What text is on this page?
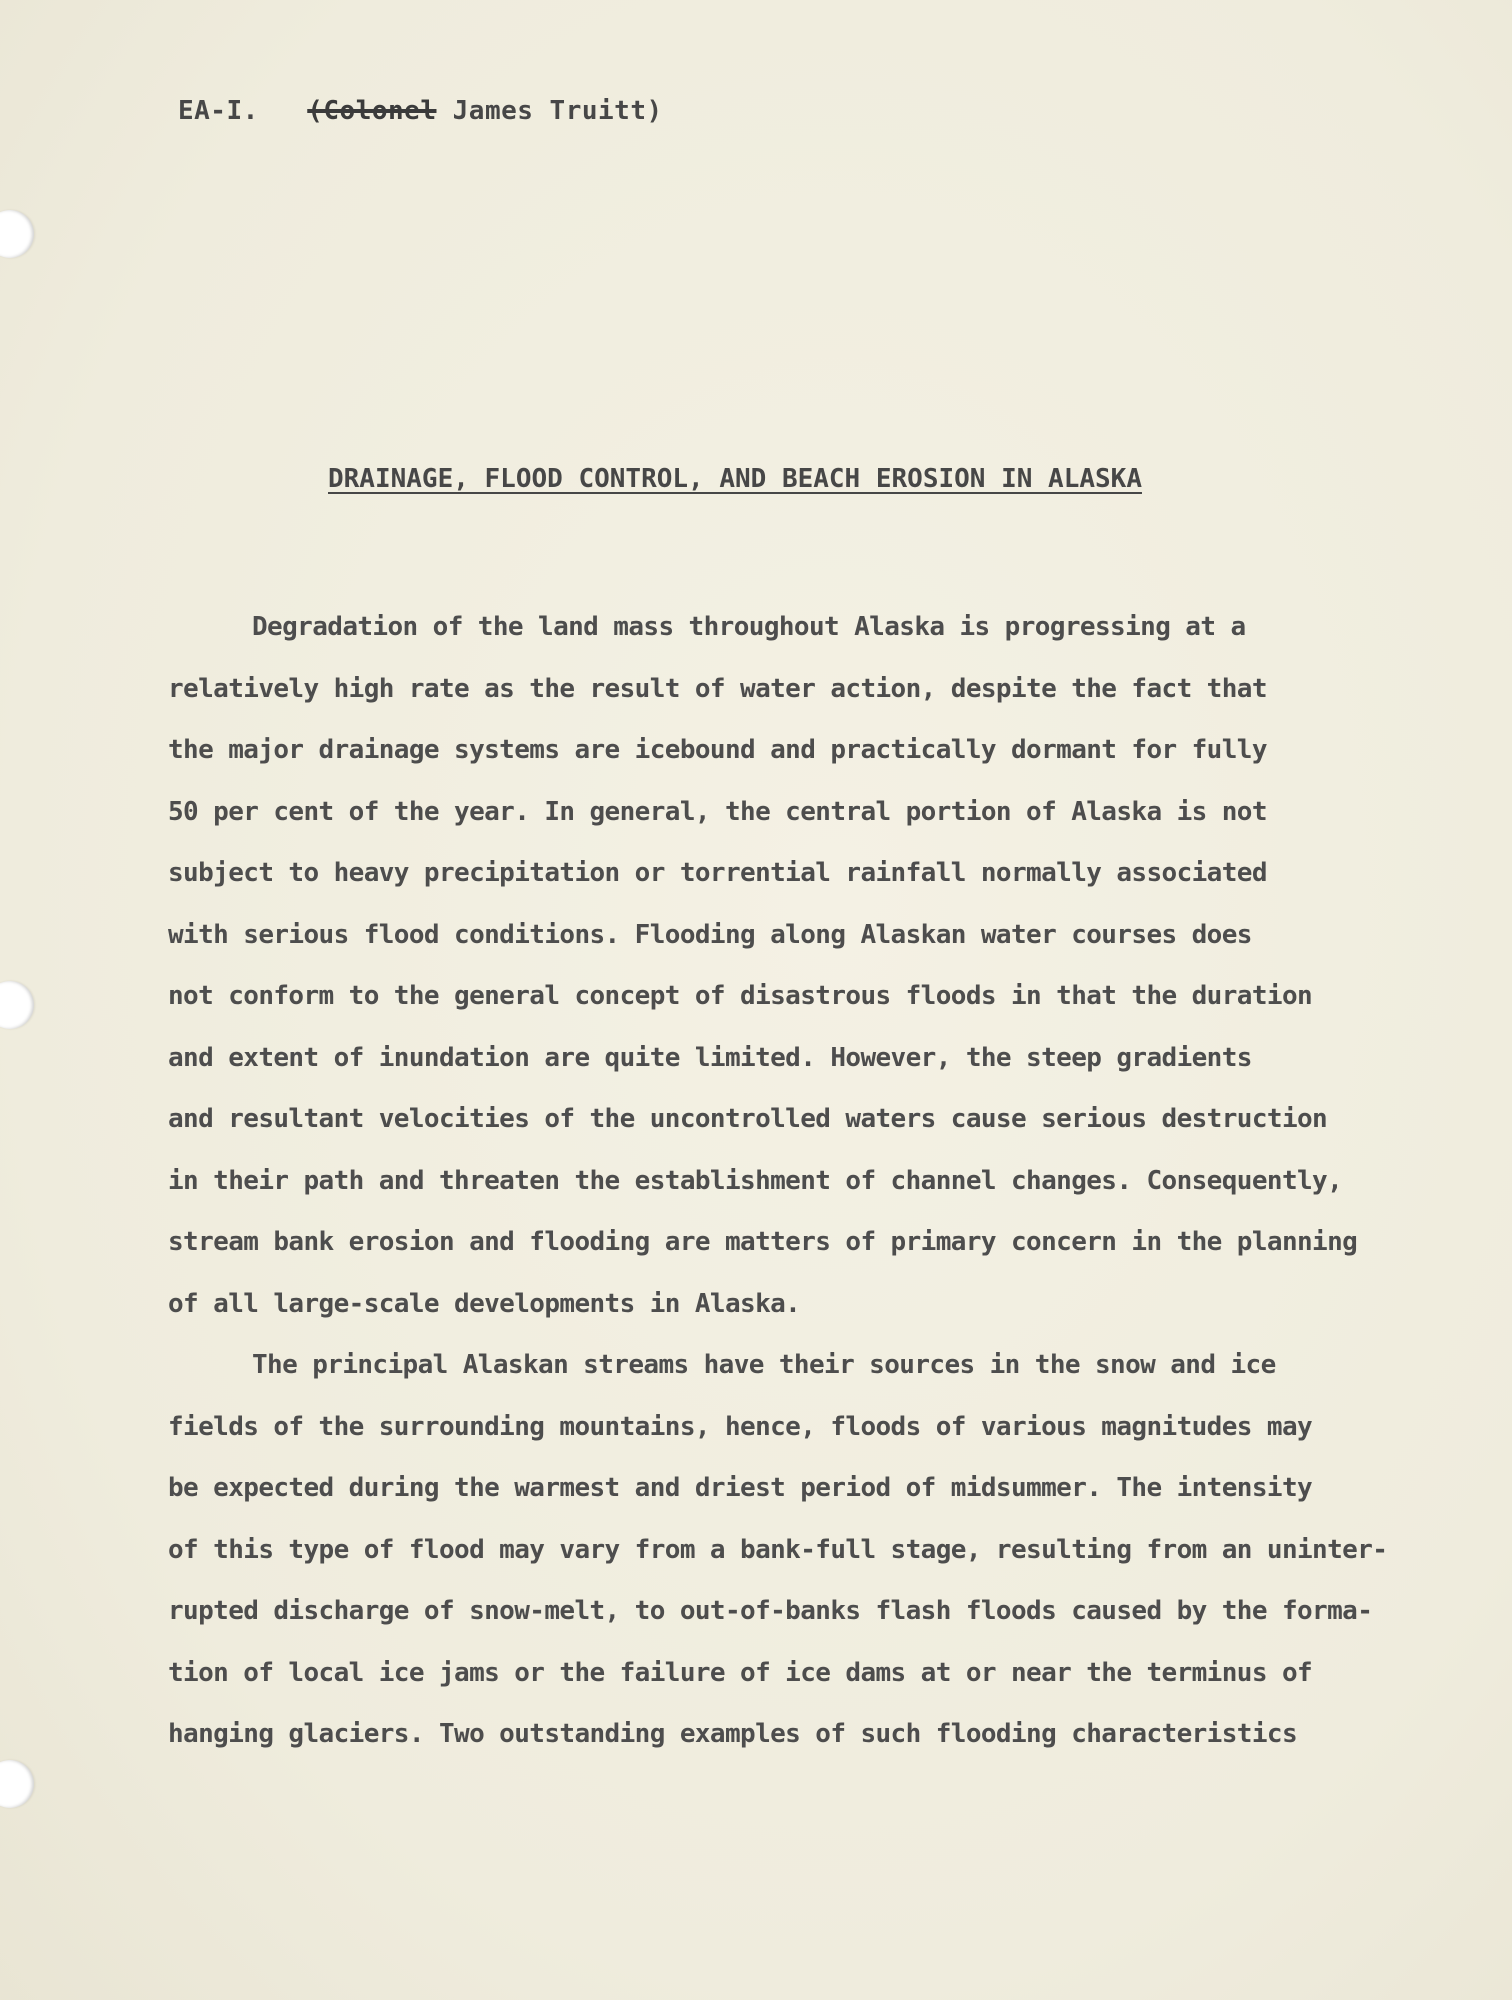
EA-I. (Colonel James Truitt)
DRAINAGE, FLOOD CONTROL, AND BEACH EROSION IN ALASKA
Degradation of the land mass throughout Alaska is progressing at a
relatively high rate as the result of water action, despite the fact that
the major drainage systems are icebound and practically dormant for fully
50 per cent of the year. In general, the central portion of Alaska is not
subject to heavy precipitation or torrential rainfall normally associated
with serious flood conditions. Flooding along Alaskan water courses does
not conform to the general concept of disastrous floods in that the duration
and extent of inundation are quite limited. However, the steep gradients
and resultant velocities of the uncontrolled waters cause serious destruction
in their path and threaten the establishment of channel changes. Consequently,
stream bank erosion and flooding are matters of primary concern in the planning
of all large-scale developments in Alaska.
The principal Alaskan streams have their sources in the snow and ice
fields of the surrounding mountains, hence, floods of various magnitudes may
be expected during the warmest and driest period of midsummer. The intensity
of this type of flood may vary from a bank-full stage, resulting from an uninter-
rupted discharge of snow-melt, to out-of-banks flash floods caused by the forma-
tion of local ice jams or the failure of ice dams at or near the terminus of
hanging glaciers. Two outstanding examples of such flooding characteristics
